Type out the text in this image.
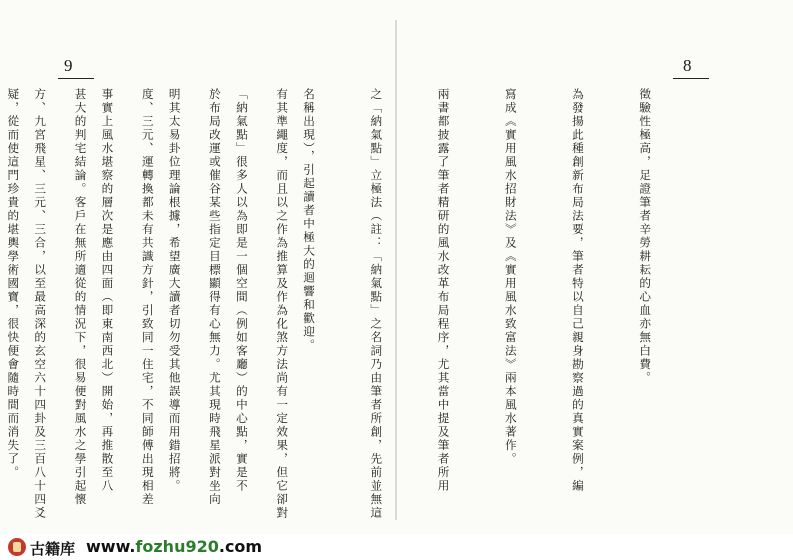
9

有其準繩度，而且以之作為推算及作為化煞方法尚有一定效果，但它卻對

於布局改運或催谷某些指定目標顯得有心無力。尤其現時飛星派對坐向

度、三元、運轉換都未有共識方針，引致同一住宅，不同師傅出現相差

甚大的判宅結論。客戶在無所適從的情況下，很易便對風水之學引起懷

疑，從而使這門珍貴的堪輿學術國寶，很快便會隨時間而消失了。

8

徵驗性極高，足證筆者辛勞耕耘的心血亦無白費。

為發揚此種創新布局法要，筆者特以自己親身勘察過的真實案例，編

寫成《實用風水招財法》及《實用風水致富法》兩本風水著作。

兩書都披露了筆者精研的風水改革布局程序，尤其當中提及筆者所用

之「納氣點」立極法（註：「納氣點」之名詞乃由筆者所創，先前並無這

名稱出現），引起讀者中極大的迴響和歡迎。

「納氣點」很多人以為即是一個空間（例如客廳）的中心點，實是不

明其太易卦位理論根據，希望廣大讀者切勿受其他誤導而用錯招將。

事實上風水堪察的層次是應由四面（即東南西北）開始，再推散至八

方、九宮飛星、三元、三合，以至最高深的玄空六十四卦及三百八十四爻

古籍库 www.fozhu920.com
